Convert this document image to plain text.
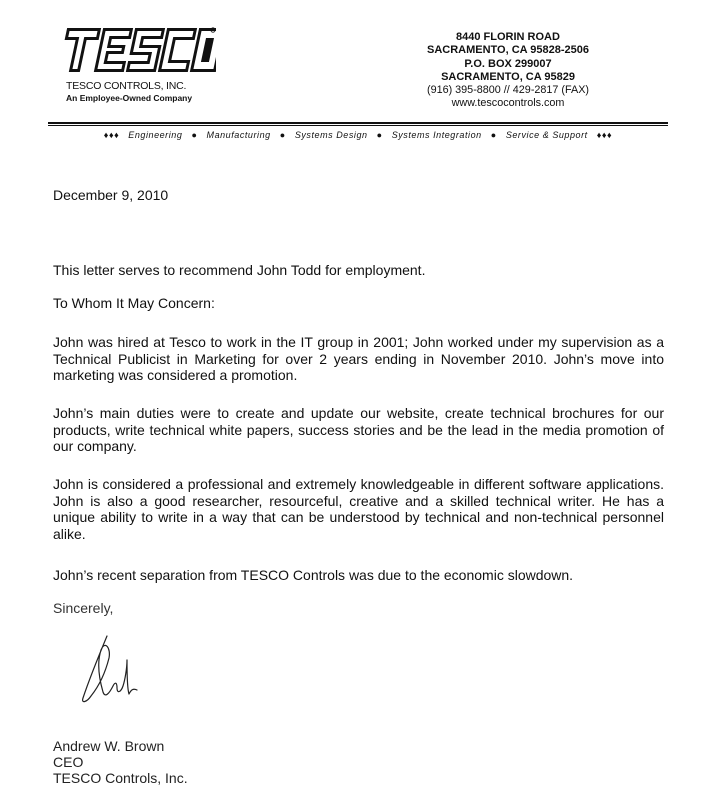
TESCO CONTROLS, INC.
An Employee-Owned Company
8440 FLORIN ROAD
SACRAMENTO, CA 95828-2506
P.O. BOX 299007
SACRAMENTO, CA 95829
(916) 395-8800 // 429-2817 (FAX)
www.tescocontrols.com
♦♦♦ Engineering ● Manufacturing ● Systems Design ● Systems Integration ● Service & Support ♦♦♦
December 9, 2010
This letter serves to recommend John Todd for employment.
To Whom It May Concern:
John was hired at Tesco to work in the IT group in 2001; John worked under my supervision as a Technical Publicist in Marketing for over 2 years ending in November 2010. John’s move into marketing was considered a promotion.
John’s main duties were to create and update our website, create technical brochures for our products, write technical white papers, success stories and be the lead in the media promotion of our company.
John is considered a professional and extremely knowledgeable in different software applications. John is also a good researcher, resourceful, creative and a skilled technical writer. He has a unique ability to write in a way that can be understood by technical and non-technical personnel alike.
John’s recent separation from TESCO Controls was due to the economic slowdown.
Sincerely,
Andrew W. Brown
CEO
TESCO Controls, Inc.
